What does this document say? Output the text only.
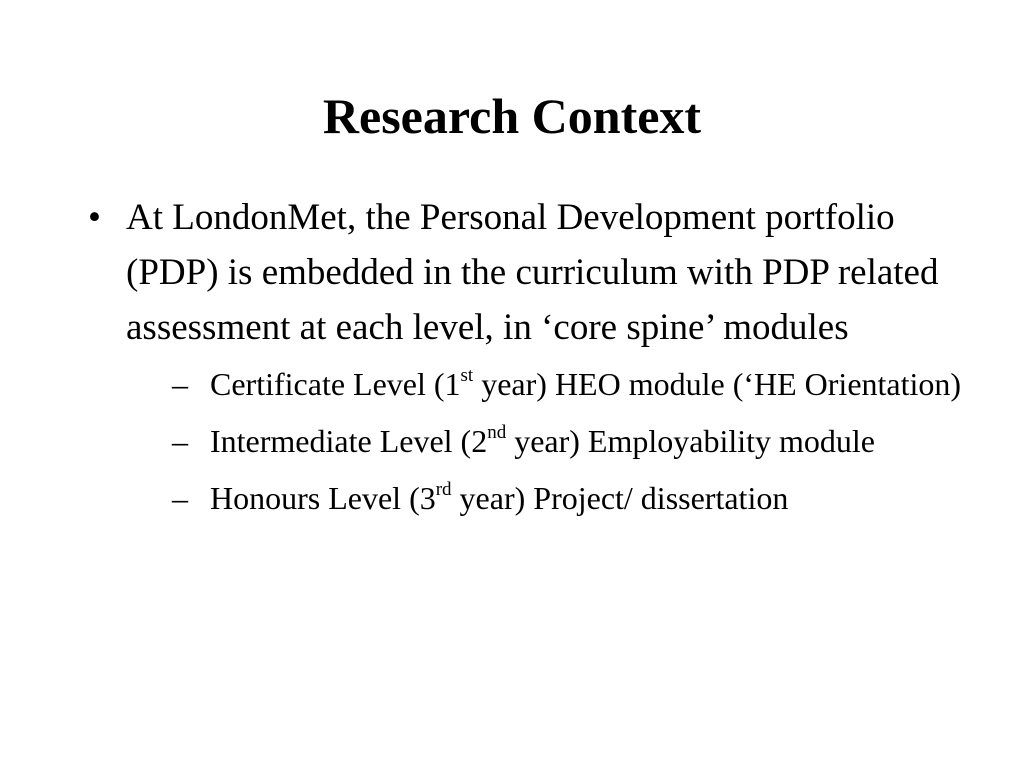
Research Context
• At LondonMet, the Personal Development portfolio (PDP) is embedded in the curriculum with PDP related assessment at each level, in ‘core spine’ modules
– Certificate Level (1st year) HEO module (‘HE Orientation)
– Intermediate Level (2nd year) Employability module
– Honours Level (3rd year) Project/ dissertation
